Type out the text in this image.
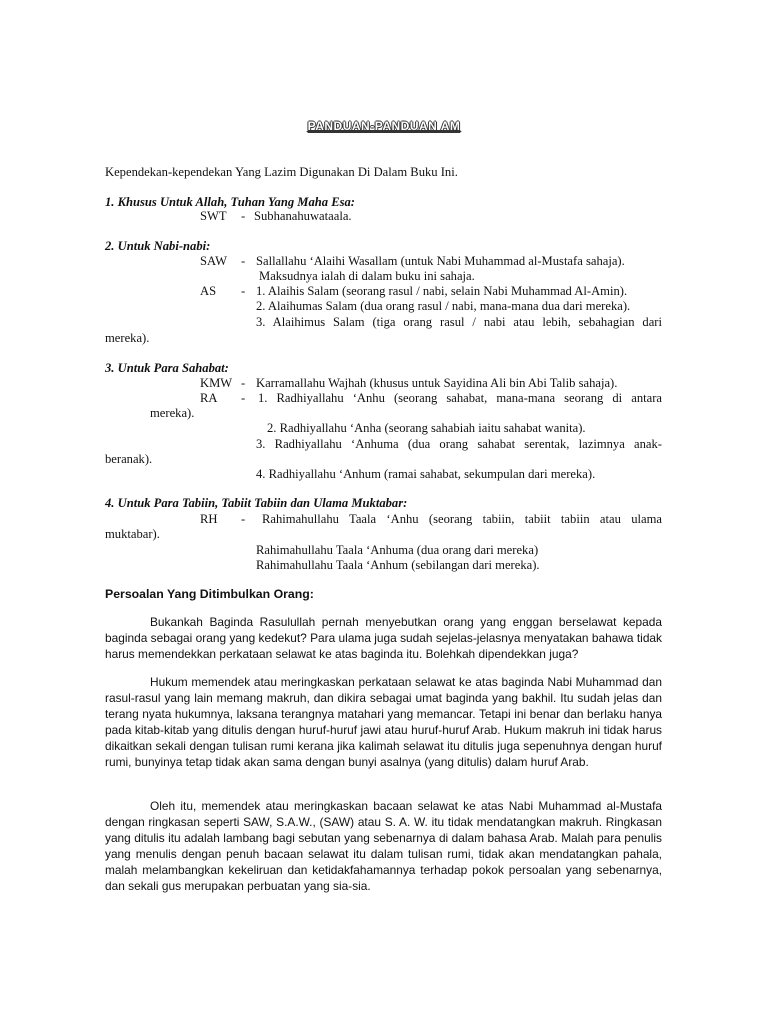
PANDUAN-PANDUAN AM
Kependekan-kependekan Yang Lazim Digunakan Di Dalam Buku Ini.
1. Khusus Untuk Allah, Tuhan Yang Maha Esa:
SWT - Subhanahuwataala.
2. Untuk Nabi-nabi:
SAW - Sallallahu ‘Alaihi Wasallam (untuk Nabi Muhammad al-Mustafa sahaja).
Maksudnya ialah di dalam buku ini sahaja.
AS - 1. Alaihis Salam (seorang rasul / nabi, selain Nabi Muhammad Al-Amin).
2. Alaihumas Salam (dua orang rasul / nabi, mana-mana dua dari mereka).
3. Alaihimus Salam (tiga orang rasul / nabi atau lebih, sebahagian dari
mereka).
3. Untuk Para Sahabat:
KMW - Karramallahu Wajhah (khusus untuk Sayidina Ali bin Abi Talib sahaja).
RA - 1. Radhiyallahu ‘Anhu (seorang sahabat, mana-mana seorang di antara
mereka).
2. Radhiyallahu ‘Anha (seorang sahabiah iaitu sahabat wanita).
3. Radhiyallahu ‘Anhuma (dua orang sahabat serentak, lazimnya anak-
beranak).
4. Radhiyallahu ‘Anhum (ramai sahabat, sekumpulan dari mereka).
4. Untuk Para Tabiin, Tabiit Tabiin dan Ulama Muktabar:
RH - Rahimahullahu Taala ‘Anhu (seorang tabiin, tabiit tabiin atau ulama
muktabar).
Rahimahullahu Taala ‘Anhuma (dua orang dari mereka)
Rahimahullahu Taala ‘Anhum (sebilangan dari mereka).
Persoalan Yang Ditimbulkan Orang:
Bukankah Baginda Rasulullah pernah menyebutkan orang yang enggan berselawat kepada baginda sebagai orang yang kedekut? Para ulama juga sudah sejelas-jelasnya menyatakan bahawa tidak harus memendekkan perkataan selawat ke atas baginda itu. Bolehkah dipendekkan juga?
Hukum memendek atau meringkaskan perkataan selawat ke atas baginda Nabi Muhammad dan rasul-rasul yang lain memang makruh, dan dikira sebagai umat baginda yang bakhil. Itu sudah jelas dan terang nyata hukumnya, laksana terangnya matahari yang memancar. Tetapi ini benar dan berlaku hanya pada kitab-kitab yang ditulis dengan huruf-huruf jawi atau huruf-huruf Arab. Hukum makruh ini tidak harus dikaitkan sekali dengan tulisan rumi kerana jika kalimah selawat itu ditulis juga sepenuhnya dengan huruf rumi, bunyinya tetap tidak akan sama dengan bunyi asalnya (yang ditulis) dalam huruf Arab.
Oleh itu, memendek atau meringkaskan bacaan selawat ke atas Nabi Muhammad al-Mustafa dengan ringkasan seperti SAW, S.A.W., (SAW) atau S. A. W. itu tidak mendatangkan makruh. Ringkasan yang ditulis itu adalah lambang bagi sebutan yang sebenarnya di dalam bahasa Arab. Malah para penulis yang menulis dengan penuh bacaan selawat itu dalam tulisan rumi, tidak akan mendatangkan pahala, malah melambangkan kekeliruan dan ketidakfahamannya terhadap pokok persoalan yang sebenarnya, dan sekali gus merupakan perbuatan yang sia-sia.
